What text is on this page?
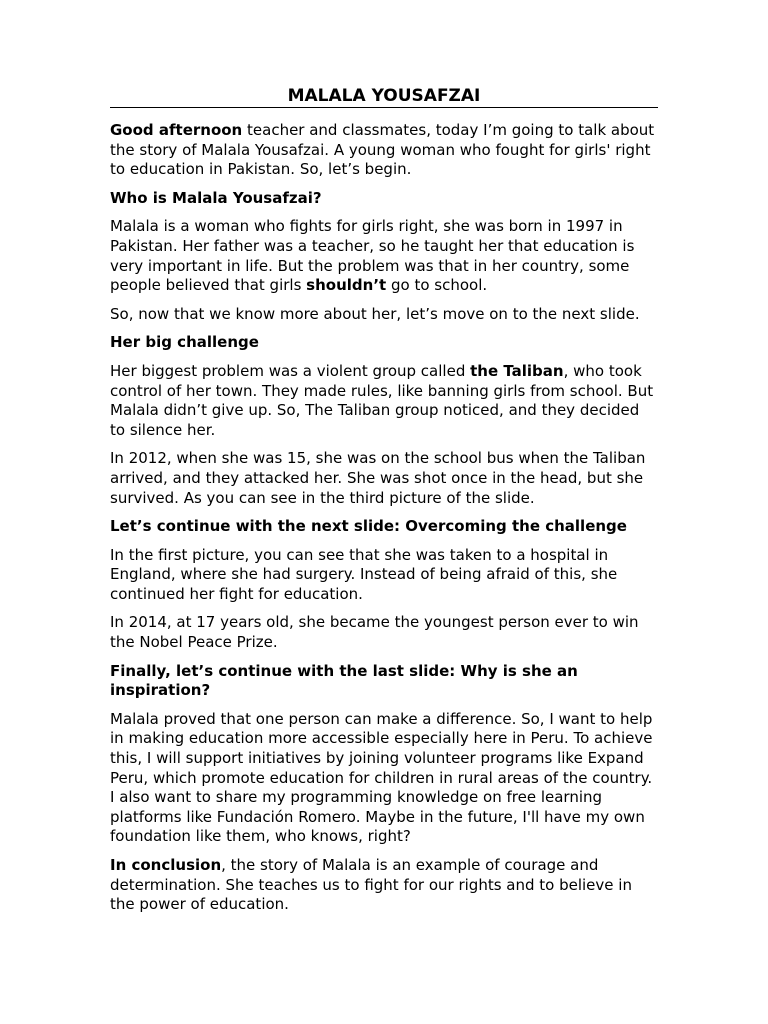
MALALA YOUSAFZAI

Good afternoon teacher and classmates, today I’m going to talk about the story of Malala Yousafzai. A young woman who fought for girls' right to education in Pakistan. So, let’s begin.

Who is Malala Yousafzai?

Malala is a woman who fights for girls right, she was born in 1997 in Pakistan. Her father was a teacher, so he taught her that education is very important in life. But the problem was that in her country, some people believed that girls shouldn’t go to school.

So, now that we know more about her, let’s move on to the next slide.

Her big challenge

Her biggest problem was a violent group called the Taliban, who took control of her town. They made rules, like banning girls from school. But Malala didn’t give up. So, The Taliban group noticed, and they decided to silence her.

In 2012, when she was 15, she was on the school bus when the Taliban arrived, and they attacked her. She was shot once in the head, but she survived. As you can see in the third picture of the slide.

Let’s continue with the next slide: Overcoming the challenge

In the first picture, you can see that she was taken to a hospital in England, where she had surgery. Instead of being afraid of this, she continued her fight for education.

In 2014, at 17 years old, she became the youngest person ever to win the Nobel Peace Prize.

Finally, let’s continue with the last slide: Why is she an inspiration?

Malala proved that one person can make a difference. So, I want to help in making education more accessible especially here in Peru. To achieve this, I will support initiatives by joining volunteer programs like Expand Peru, which promote education for children in rural areas of the country. I also want to share my programming knowledge on free learning platforms like Fundación Romero. Maybe in the future, I'll have my own foundation like them, who knows, right?

In conclusion, the story of Malala is an example of courage and determination. She teaches us to fight for our rights and to believe in the power of education.
